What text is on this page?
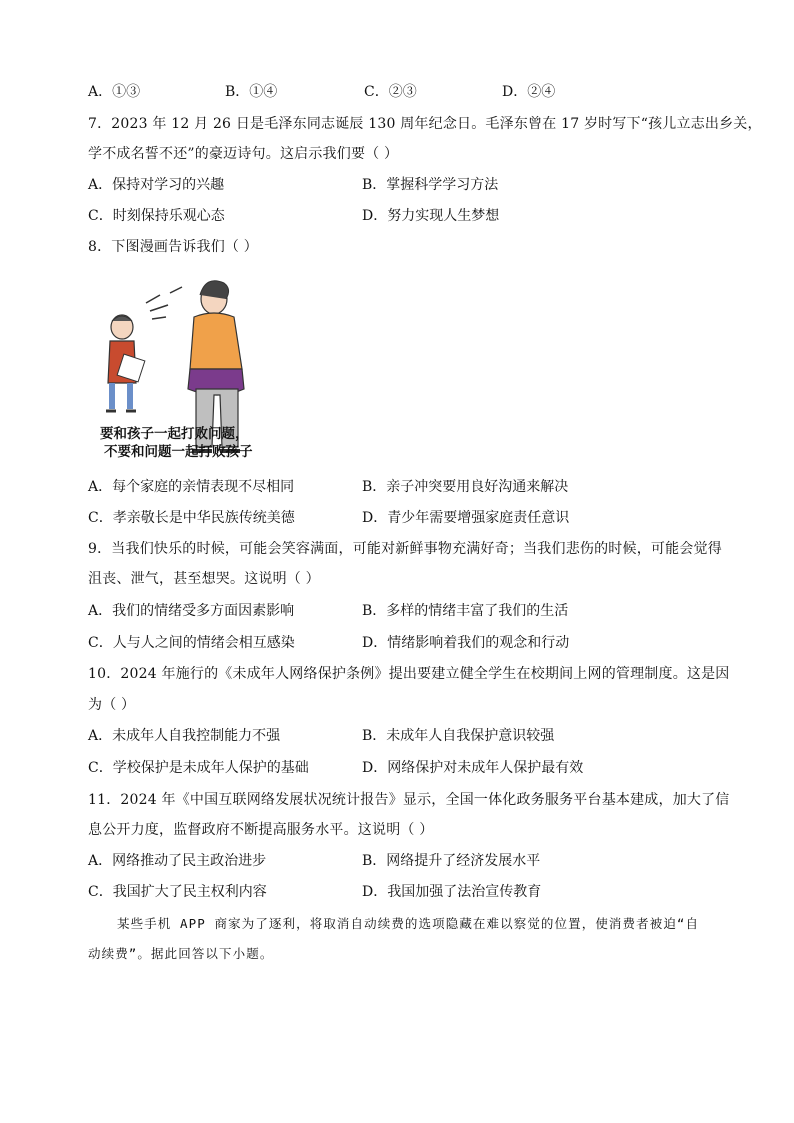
A．①③	B．①④	C．②③	D．②④
7．2023 年 12 月 26 日是毛泽东同志诞辰 130 周年纪念日。毛泽东曾在 17 岁时写下“孩儿立志出乡关，
学不成名誓不还”的豪迈诗句。这启示我们要（ ）
A．保持对学习的兴趣	B．掌握科学学习方法
C．时刻保持乐观心态	D．努力实现人生梦想
8．下图漫画告诉我们（ ）
要和孩子一起打败问题，
不要和问题一起打败孩子
A．每个家庭的亲情表现不尽相同	B．亲子冲突要用良好沟通来解决
C．孝亲敬长是中华民族传统美德	D．青少年需要增强家庭责任意识
9．当我们快乐的时候，可能会笑容满面，可能对新鲜事物充满好奇；当我们悲伤的时候，可能会觉得
沮丧、泄气，甚至想哭。这说明（ ）
A．我们的情绪受多方面因素影响	B．多样的情绪丰富了我们的生活
C．人与人之间的情绪会相互感染	D．情绪影响着我们的观念和行动
10．2024 年施行的《未成年人网络保护条例》提出要建立健全学生在校期间上网的管理制度。这是因
为（ ）
A．未成年人自我控制能力不强	B．未成年人自我保护意识较强
C．学校保护是未成年人保护的基础	D．网络保护对未成年人保护最有效
11．2024 年《中国互联网络发展状况统计报告》显示，全国一体化政务服务平台基本建成，加大了信
息公开力度，监督政府不断提高服务水平。这说明（ ）
A．网络推动了民主政治进步	B．网络提升了经济发展水平
C．我国扩大了民主权利内容	D．我国加强了法治宣传教育
某些手机 APP 商家为了逐利，将取消自动续费的选项隐藏在难以察觉的位置，使消费者被迫“自
动续费”。据此回答以下小题。
